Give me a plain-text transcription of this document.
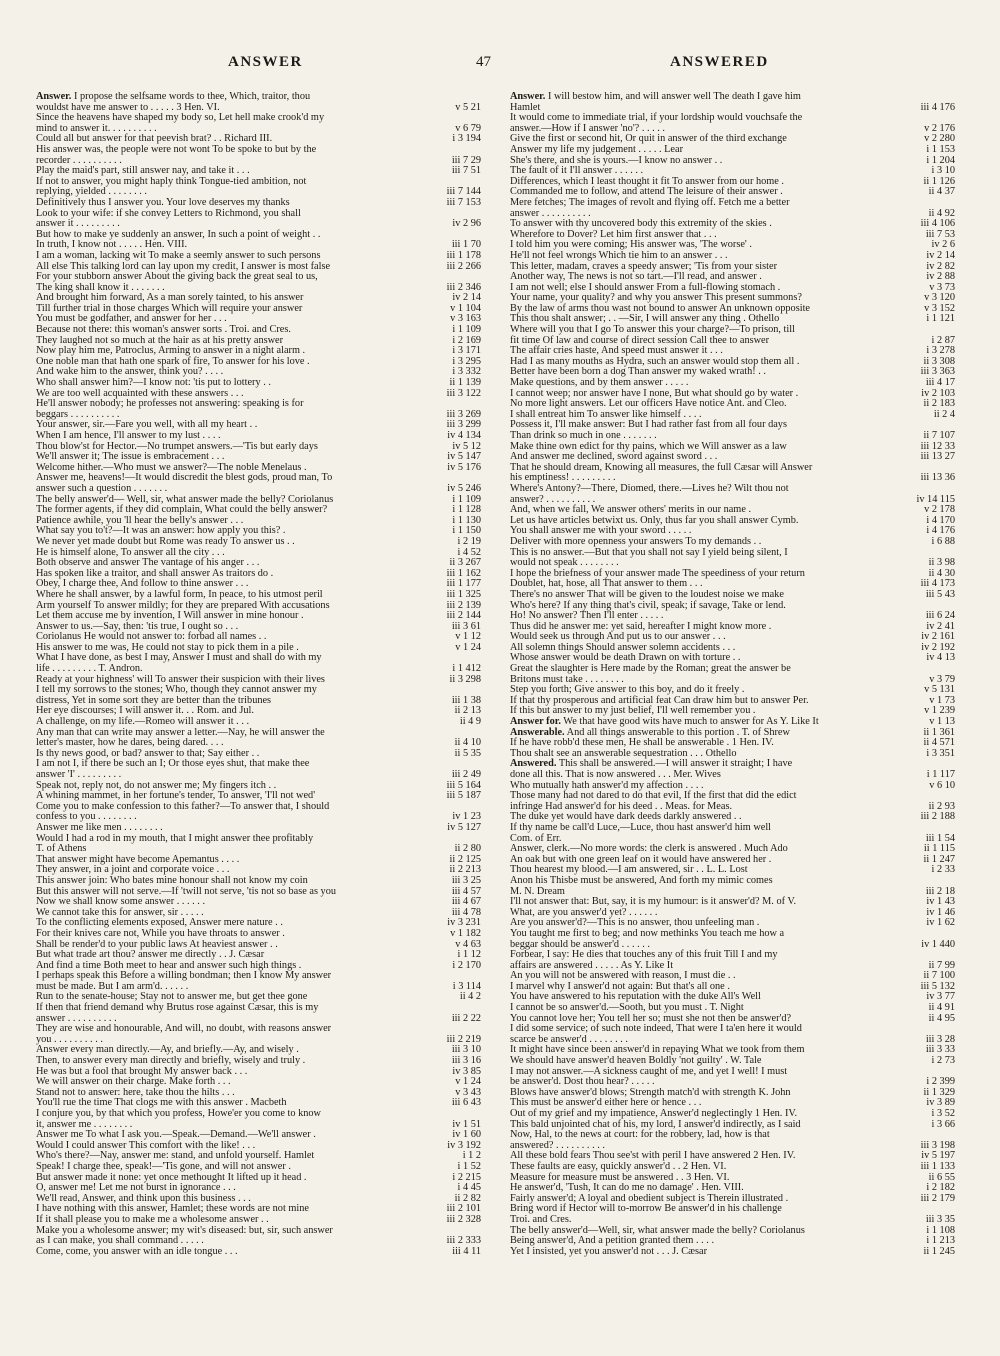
ANSWER	47	ANSWERED
Answer. I propose the selfsame words to thee, Which, traitor, thou
wouldst have me answer to . . . . . 3 Hen. VI.	v 5 21
Since the heavens have shaped my body so, Let hell make crook'd my
mind to answer it. . . . . . . . . .	v 6 79
Could all but answer for that peevish brat? . . Richard III.	i 3 194
His answer was, the people were not wont To be spoke to but by the
recorder . . . . . . . . . .	iii 7 29
Play the maid's part, still answer nay, and take it . . .	iii 7 51
If not to answer, you might haply think Tongue-tied ambition, not
replying, yielded . . . . . . . .	iii 7 144
Definitively thus I answer you. Your love deserves my thanks	iii 7 153
Look to your wife: if she convey Letters to Richmond, you shall
answer it . . . . . . . . .	iv 2 96
But how to make ye suddenly an answer, In such a point of weight . .
In truth, I know not . . . . . Hen. VIII.	iii 1 70
I am a woman, lacking wit To make a seemly answer to such persons	iii 1 178
All else This talking lord can lay upon my credit, I answer is most false	iii 2 266
For your stubborn answer About the giving back the great seal to us,
The king shall know it . . . . . . .	iii 2 346
And brought him forward, As a man sorely tainted, to his answer	iv 2 14
Till further trial in those charges Which will require your answer	v 1 104
You must be godfather, and answer for her . . .	v 3 163
Because not there: this woman's answer sorts . Troi. and Cres.	i 1 109
They laughed not so much at the hair as at his pretty answer	i 2 169
Now play him me, Patroclus, Arming to answer in a night alarm .	i 3 171
One noble man that hath one spark of fire, To answer for his love .	i 3 295
And wake him to the answer, think you? . . . .	i 3 332
Who shall answer him?—I know not: 'tis put to lottery . .	ii 1 139
We are too well acquainted with these answers . . .	iii 3 122
He'll answer nobody; he professes not answering: speaking is for
beggars . . . . . . . . . .	iii 3 269
Your answer, sir.—Fare you well, with all my heart . .	iii 3 299
When I am hence, I'll answer to my lust . . . .	iv 4 134
Thou blow'st for Hector.—No trumpet answers.—'Tis but early days	iv 5 12
We'll answer it; The issue is embracement . . .	iv 5 147
Welcome hither.—Who must we answer?—The noble Menelaus .	iv 5 176
Answer me, heavens!—It would discredit the blest gods, proud man, To
answer such a question . . . . . . .	iv 5 246
The belly answer'd— Well, sir, what answer made the belly? Coriolanus	i 1 109
The former agents, if they did complain, What could the belly answer?	i 1 128
Patience awhile, you 'll hear the belly's answer . . .	i 1 130
What say you to't?—It was an answer: how apply you this? .	i 1 150
We never yet made doubt but Rome was ready To answer us . .	i 2 19
He is himself alone, To answer all the city . . .	i 4 52
Both observe and answer The vantage of his anger . . .	ii 3 267
Has spoken like a traitor, and shall answer As traitors do .	iii 1 162
Obey, I charge thee, And follow to thine answer . . .	iii 1 177
Where he shall answer, by a lawful form, In peace, to his utmost peril	iii 1 325
Arm yourself To answer mildly; for they are prepared With accusations	iii 2 139
Let them accuse me by invention, I Will answer in mine honour .	iii 2 144
Answer to us.—Say, then: 'tis true, I ought so . . .	iii 3 61
Coriolanus He would not answer to: forbad all names . .	v 1 12
His answer to me was, He could not stay to pick them in a pile .	v 1 24
What I have done, as best I may, Answer I must and shall do with my
life . . . . . . . . . T. Andron.	i 1 412
Ready at your highness' will To answer their suspicion with their lives	ii 3 298
I tell my sorrows to the stones; Who, though they cannot answer my
distress, Yet in some sort they are better than the tribunes	iii 1 38
Her eye discourses; I will answer it. . . Rom. and Jul.	ii 2 13
A challenge, on my life.—Romeo will answer it . . .	ii 4 9
Any man that can write may answer a letter.—Nay, he will answer the
letter's master, how he dares, being dared. . . .	ii 4 10
Is thy news good, or bad? answer to that; Say either . .	ii 5 35
I am not I, if there be such an I; Or those eyes shut, that make thee
answer 'I' . . . . . . . . .	iii 2 49
Speak not, reply not, do not answer me; My fingers itch . .	iii 5 164
A whining mammet, in her fortune's tender, To answer, 'I'll not wed'	iii 5 187
Come you to make confession to this father?—To answer that, I should
confess to you . . . . . . . .	iv 1 23
Answer me like men . . . . . . . .	iv 5 127
Would I had a rod in my mouth, that I might answer thee profitably
T. of Athens	ii 2 80
That answer might have become Apemantus . . . .	ii 2 125
They answer, in a joint and corporate voice . . .	ii 2 213
This answer join: Who bates mine honour shall not know my coin	iii 3 25
But this answer will not serve.—If 'twill not serve, 'tis not so base as you	iii 4 57
Now we shall know some answer . . . . . .	iii 4 67
We cannot take this for answer, sir . . . . .	iii 4 78
To the conflicting elements exposed, Answer mere nature . .	iv 3 231
For their knives care not, While you have throats to answer .	v 1 182
Shall be render'd to your public laws At heaviest answer . .	v 4 63
But what trade art thou? answer me directly . . J. Cæsar	i 1 12
And find a time Both meet to hear and answer such high things .	i 2 170
I perhaps speak this Before a willing bondman; then I know My answer
must be made. But I am arm'd. . . . . .	i 3 114
Run to the senate-house; Stay not to answer me, but get thee gone	ii 4 2
If then that friend demand why Brutus rose against Cæsar, this is my
answer . . . . . . . . . .	iii 2 22
They are wise and honourable, And will, no doubt, with reasons answer
you . . . . . . . . . .	iii 2 219
Answer every man directly.—Ay, and briefly.—Ay, and wisely .	iii 3 10
Then, to answer every man directly and briefly, wisely and truly .	iii 3 16
He was but a fool that brought My answer back . . .	iv 3 85
We will answer on their charge. Make forth . . .	v 1 24
Stand not to answer: here, take thou the hilts . . .	v 3 43
You'll rue the time That clogs me with this answer . Macbeth	iii 6 43
I conjure you, by that which you profess, Howe'er you come to know
it, answer me . . . . . . . .	iv 1 51
Answer me To what I ask you.—Speak.—Demand.—We'll answer .	iv 1 60
Would I could answer This comfort with the like! . . .	iv 3 192
Who's there?—Nay, answer me: stand, and unfold yourself. Hamlet	i 1 2
Speak! I charge thee, speak!—'Tis gone, and will not answer .	i 1 52
But answer made it none: yet once methought It lifted up it head .	i 2 215
O, answer me! Let me not burst in ignorance . . .	i 4 45
We'll read, Answer, and think upon this business . . .	ii 2 82
I have nothing with this answer, Hamlet; these words are not mine	iii 2 101
If it shall please you to make me a wholesome answer . .	iii 2 328
Make you a wholesome answer; my wit's diseased: but, sir, such answer
as I can make, you shall command . . . . .	iii 2 333
Come, come, you answer with an idle tongue . . .	iii 4 11
Answer. I will bestow him, and will answer well The death I gave him
Hamlet	iii 4 176
It would come to immediate trial, if your lordship would vouchsafe the
answer.—How if I answer 'no'? . . . . .	v 2 176
Give the first or second hit, Or quit in answer of the third exchange	v 2 280
Answer my life my judgement . . . . . Lear	i 1 153
She's there, and she is yours.—I know no answer . .	i 1 204
The fault of it I'll answer . . . . . .	i 3 10
Differences, which I least thought it fit To answer from our home .	ii 1 126
Commanded me to follow, and attend The leisure of their answer .	ii 4 37
Mere fetches; The images of revolt and flying off. Fetch me a better
answer . . . . . . . . . .	ii 4 92
To answer with thy uncovered body this extremity of the skies .	iii 4 106
Wherefore to Dover? Let him first answer that . . .	iii 7 53
I told him you were coming; His answer was, 'The worse' .	iv 2 6
He'll not feel wrongs Which tie him to an answer . . .	iv 2 14
This letter, madam, craves a speedy answer; 'Tis from your sister	iv 2 82
Another way, The news is not so tart.—I'll read, and answer .	iv 2 88
I am not well; else I should answer From a full-flowing stomach .	v 3 73
Your name, your quality? and why you answer This present summons?	v 3 120
By the law of arms thou wast not bound to answer An unknown opposite	v 3 152
This thou shalt answer; . . —Sir, I will answer any thing . Othello	i 1 121
Where will you that I go To answer this your charge?—To prison, till
fit time Of law and course of direct session Call thee to answer	i 2 87
The affair cries haste, And speed must answer it . . .	i 3 278
Had I as many mouths as Hydra, such an answer would stop them all .	ii 3 308
Better have been born a dog Than answer my waked wrath! . .	iii 3 363
Make questions, and by them answer . . . . .	iii 4 17
I cannot weep; nor answer have I none, But what should go by water .	iv 2 103
No more light answers. Let our officers Have notice Ant. and Cleo.	ii 2 183
I shall entreat him To answer like himself . . . .	ii 2 4
Possess it, I'll make answer: But I had rather fast from all four days
Than drink so much in one . . . . . . .	ii 7 107
Make thine own edict for thy pains, which we Will answer as a law	iii 12 33
And answer me declined, sword against sword . . .	iii 13 27
That he should dream, Knowing all measures, the full Cæsar will Answer
his emptiness! . . . . . . . . .	iii 13 36
Where's Antony?—There, Diomed, there.—Lives he? Wilt thou not
answer? . . . . . . . . . .	iv 14 115
And, when we fall, We answer others' merits in our name .	v 2 178
Let us have articles betwixt us. Only, thus far you shall answer Cymb.	i 4 170
You shall answer me with your sword . . . . .	i 4 176
Deliver with more openness your answers To my demands . .	i 6 88
This is no answer.—But that you shall not say I yield being silent, I
would not speak . . . . . . . .	ii 3 98
I hope the briefness of your answer made The speediness of your return	ii 4 30
Doublet, hat, hose, all That answer to them . . .	iii 4 173
There's no answer That will be given to the loudest noise we make	iii 5 43
Who's here? If any thing that's civil, speak; if savage, Take or lend.
Ho! No answer? Then I'll enter . . . . .	iii 6 24
Thus did he answer me: yet said, hereafter I might know more .	iv 2 41
Would seek us through And put us to our answer . . .	iv 2 161
All solemn things Should answer solemn accidents . . .	iv 2 192
Whose answer would be death Drawn on with torture . .	iv 4 13
Great the slaughter is Here made by the Roman; great the answer be
Britons must take . . . . . . . .	v 3 79
Step you forth; Give answer to this boy, and do it freely .	v 5 131
If that thy prosperous and artificial feat Can draw him but to answer Per.	v 1 73
If this but answer to my just belief, I'll well remember you .	v 1 239
Answer for. We that have good wits have much to answer for As Y. Like It	v 1 13
Answerable. And all things answerable to this portion . T. of Shrew	ii 1 361
If he have robb'd these men, He shall be answerable . 1 Hen. IV.	ii 4 571
Thou shalt see an answerable sequestration . . . Othello	i 3 351
Answered. This shall be answered.—I will answer it straight; I have
done all this. That is now answered . . . Mer. Wives	i 1 117
Who mutually hath answer'd my affection . . . .	v 6 10
Those many had not dared to do that evil, If the first that did the edict
infringe Had answer'd for his deed . . Meas. for Meas.	ii 2 93
The duke yet would have dark deeds darkly answered . .	iii 2 188
If thy name be call'd Luce,—Luce, thou hast answer'd him well
Com. of Err.	iii 1 54
Answer, clerk.—No more words: the clerk is answered . Much Ado	ii 1 115
An oak but with one green leaf on it would have answered her .	ii 1 247
Thou hearest my blood.—I am answered, sir . . L. L. Lost	i 2 33
Anon his Thisbe must be answered, And forth my mimic comes
M. N. Dream	iii 2 18
I'll not answer that: But, say, it is my humour: is it answer'd? M. of V.	iv 1 43
What, are you answer'd yet? . . . . . .	iv 1 46
Are you answer'd?—This is no answer, thou unfeeling man .	iv 1 62
You taught me first to beg; and now methinks You teach me how a
beggar should be answer'd . . . . . .	iv 1 440
Forbear, I say: He dies that touches any of this fruit Till I and my
affairs are answered . . . . . As Y. Like It	ii 7 99
An you will not be answered with reason, I must die . .	ii 7 100
I marvel why I answer'd not again: But that's all one .	iii 5 132
You have answered to his reputation with the duke All's Well	iv 3 77
I cannot be so answer'd.—Sooth, but you must . T. Night	ii 4 91
You cannot love her; You tell her so; must she not then be answer'd?	ii 4 95
I did some service; of such note indeed, That were I ta'en here it would
scarce be answer'd . . . . . . . .	iii 3 28
It might have since been answer'd in repaying What we took from them	iii 3 33
We should have answer'd heaven Boldly 'not guilty' . W. Tale	i 2 73
I may not answer.—A sickness caught of me, and yet I well! I must
be answer'd. Dost thou hear? . . . . .	i 2 399
Blows have answer'd blows; Strength match'd with strength K. John	ii 1 329
This must be answer'd either here or hence . . .	iv 3 89
Out of my grief and my impatience, Answer'd neglectingly 1 Hen. IV.	i 3 52
This bald unjointed chat of his, my lord, I answer'd indirectly, as I said	i 3 66
Now, Hal, to the news at court: for the robbery, lad, how is that
answered? . . . . . . . . . .	iii 3 198
All these bold fears Thou see'st with peril I have answered 2 Hen. IV.	iv 5 197
These faults are easy, quickly answer'd . . 2 Hen. VI.	iii 1 133
Measure for measure must be answered . . 3 Hen. VI.	ii 6 55
He answer'd, 'Tush, It can do me no damage' . Hen. VIII.	i 2 182
Fairly answer'd; A loyal and obedient subject is Therein illustrated .	iii 2 179
Bring word if Hector will to-morrow Be answer'd in his challenge
Troi. and Cres.	iii 3 35
The belly answer'd—Well, sir, what answer made the belly? Coriolanus	i 1 108
Being answer'd, And a petition granted them . . . .	i 1 213
Yet I insisted, yet you answer'd not . . . J. Cæsar	ii 1 245
